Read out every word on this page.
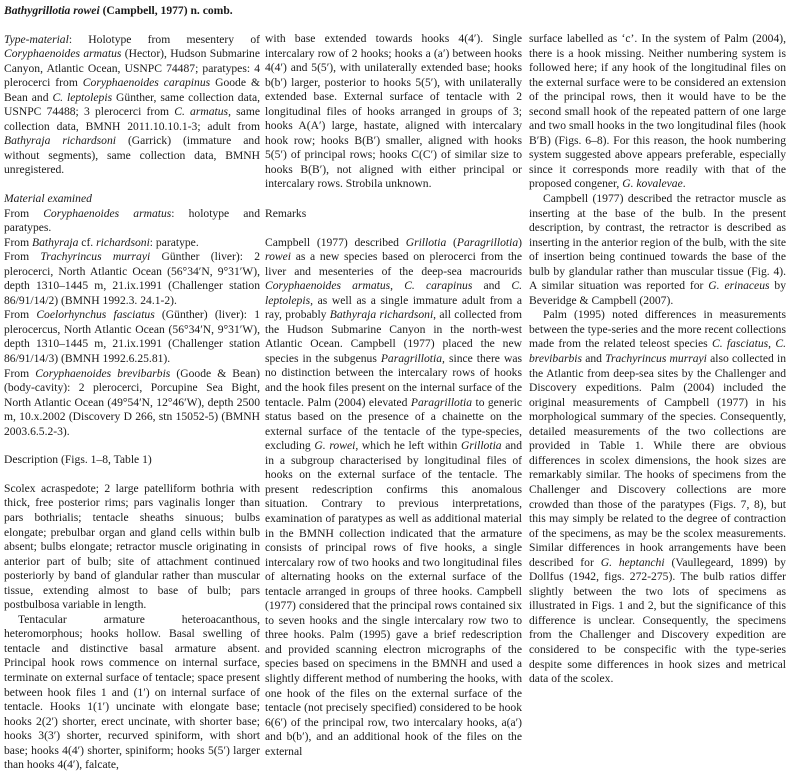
Bathygrillotia rowei (Campbell, 1977) n. comb.

Type-material: Holotype from mesentery of Coryphaenoides armatus (Hector), Hudson Submarine Canyon, Atlantic Ocean, USNPC 74487; paratypes: 4 plerocerci from Coryphaenoides carapinus Goode & Bean and C. leptolepis Günther, same collection data, USNPC 74488; 3 plerocerci from C. armatus, same collection data, BMNH 2011.10.10.1-3; adult from Bathyraja richardsoni (Garrick) (immature and without segments), same collection data, BMNH unregistered.

Material examined

From Coryphaenoides armatus: holotype and paratypes.

From Bathyraja cf. richardsoni: paratype.

From Trachyrincus murrayi Günther (liver): 2 plerocerci, North Atlantic Ocean (56°34′N, 9°31′W), depth 1310–1445 m, 21.ix.1991 (Challenger station 86/91/14/2) (BMNH 1992.3. 24.1-2).

From Coelorhynchus fasciatus (Günther) (liver): 1 plerocercus, North Atlantic Ocean (56°34′N, 9°31′W), depth 1310–1445 m, 21.ix.1991 (Challenger station 86/91/14/3) (BMNH 1992.6.25.81).

From Coryphaenoides brevibarbis (Goode & Bean) (body-cavity): 2 plerocerci, Porcupine Sea Bight, North Atlantic Ocean (49°54′N, 12°46′W), depth 2500 m, 10.x.2002 (Discovery D 266, stn 15052-5) (BMNH 2003.6.5.2-3).

Description (Figs. 1–8, Table 1)

Scolex acraspedote; 2 large patelliform bothria with thick, free posterior rims; pars vaginalis longer than pars bothrialis; tentacle sheaths sinuous; bulbs elongate; prebulbar organ and gland cells within bulb absent; bulbs elongate; retractor muscle originating in anterior part of bulb; site of attachment continued posteriorly by band of glandular rather than muscular tissue, extending almost to base of bulb; pars postbulbosa variable in length.

Tentacular armature heteroacanthous, heteromorphous; hooks hollow. Basal swelling of tentacle and distinctive basal armature absent. Principal hook rows commence on internal surface, terminate on external surface of tentacle; space present between hook files 1 and (1′) on internal surface of tentacle. Hooks 1(1′) uncinate with elongate base; hooks 2(2′) shorter, erect uncinate, with shorter base; hooks 3(3′) shorter, recurved spiniform, with short base; hooks 4(4′) shorter, spiniform; hooks 5(5′) larger than hooks 4(4′), falcate,

with base extended towards hooks 4(4′). Single intercalary row of 2 hooks; hooks a (a′) between hooks 4(4′) and 5(5′), with unilaterally extended base; hooks b(b′) larger, posterior to hooks 5(5′), with unilaterally extended base. External surface of tentacle with 2 longitudinal files of hooks arranged in groups of 3; hooks A(A′) large, hastate, aligned with intercalary hook row; hooks B(B′) smaller, aligned with hooks 5(5′) of principal rows; hooks C(C′) of similar size to hooks B(B′), not aligned with either principal or intercalary rows. Strobila unknown.

Remarks

Campbell (1977) described Grillotia (Paragrillotia) rowei as a new species based on plerocerci from the liver and mesenteries of the deep-sea macrourids Coryphaenoides armatus, C. carapinus and C. leptolepis, as well as a single immature adult from a ray, probably Bathyraja richardsoni, all collected from the Hudson Submarine Canyon in the north-west Atlantic Ocean. Campbell (1977) placed the new species in the subgenus Paragrillotia, since there was no distinction between the intercalary rows of hooks and the hook files present on the internal surface of the tentacle. Palm (2004) elevated Paragrillotia to generic status based on the presence of a chainette on the external surface of the tentacle of the type-species, excluding G. rowei, which he left within Grillotia and in a subgroup characterised by longitudinal files of hooks on the external surface of the tentacle. The present redescription confirms this anomalous situation. Contrary to previous interpretations, examination of paratypes as well as additional material in the BMNH collection indicated that the armature consists of principal rows of five hooks, a single intercalary row of two hooks and two longitudinal files of alternating hooks on the external surface of the tentacle arranged in groups of three hooks. Campbell (1977) considered that the principal rows contained six to seven hooks and the single intercalary row two to three hooks. Palm (1995) gave a brief redescription and provided scanning electron micrographs of the species based on specimens in the BMNH and used a slightly different method of numbering the hooks, with one hook of the files on the external surface of the tentacle (not precisely specified) considered to be hook 6(6′) of the principal row, two intercalary hooks, a(a′) and b(b′), and an additional hook of the files on the external

surface labelled as ‘c’. In the system of Palm (2004), there is a hook missing. Neither numbering system is followed here; if any hook of the longitudinal files on the external surface were to be considered an extension of the principal rows, then it would have to be the second small hook of the repeated pattern of one large and two small hooks in the two longitudinal files (hook B′B) (Figs. 6–8). For this reason, the hook numbering system suggested above appears preferable, especially since it corresponds more readily with that of the proposed congener, G. kovalevae.

Campbell (1977) described the retractor muscle as inserting at the base of the bulb. In the present description, by contrast, the retractor is described as inserting in the anterior region of the bulb, with the site of insertion being continued towards the base of the bulb by glandular rather than muscular tissue (Fig. 4). A similar situation was reported for G. erinaceus by Beveridge & Campbell (2007).

Palm (1995) noted differences in measurements between the type-series and the more recent collections made from the related teleost species C. fasciatus, C. brevibarbis and Trachyrincus murrayi also collected in the Atlantic from deep-sea sites by the Challenger and Discovery expeditions. Palm (2004) included the original measurements of Campbell (1977) in his morphological summary of the species. Consequently, detailed measurements of the two collections are provided in Table 1. While there are obvious differences in scolex dimensions, the hook sizes are remarkably similar. The hooks of specimens from the Challenger and Discovery collections are more crowded than those of the paratypes (Figs. 7, 8), but this may simply be related to the degree of contraction of the specimens, as may be the scolex measurements. Similar differences in hook arrangements have been described for G. heptanchi (Vaullegeard, 1899) by Dollfus (1942, figs. 272-275). The bulb ratios differ slightly between the two lots of specimens as illustrated in Figs. 1 and 2, but the significance of this difference is unclear. Consequently, the specimens from the Challenger and Discovery expedition are considered to be conspecific with the type-series despite some differences in hook sizes and metrical data of the scolex.
